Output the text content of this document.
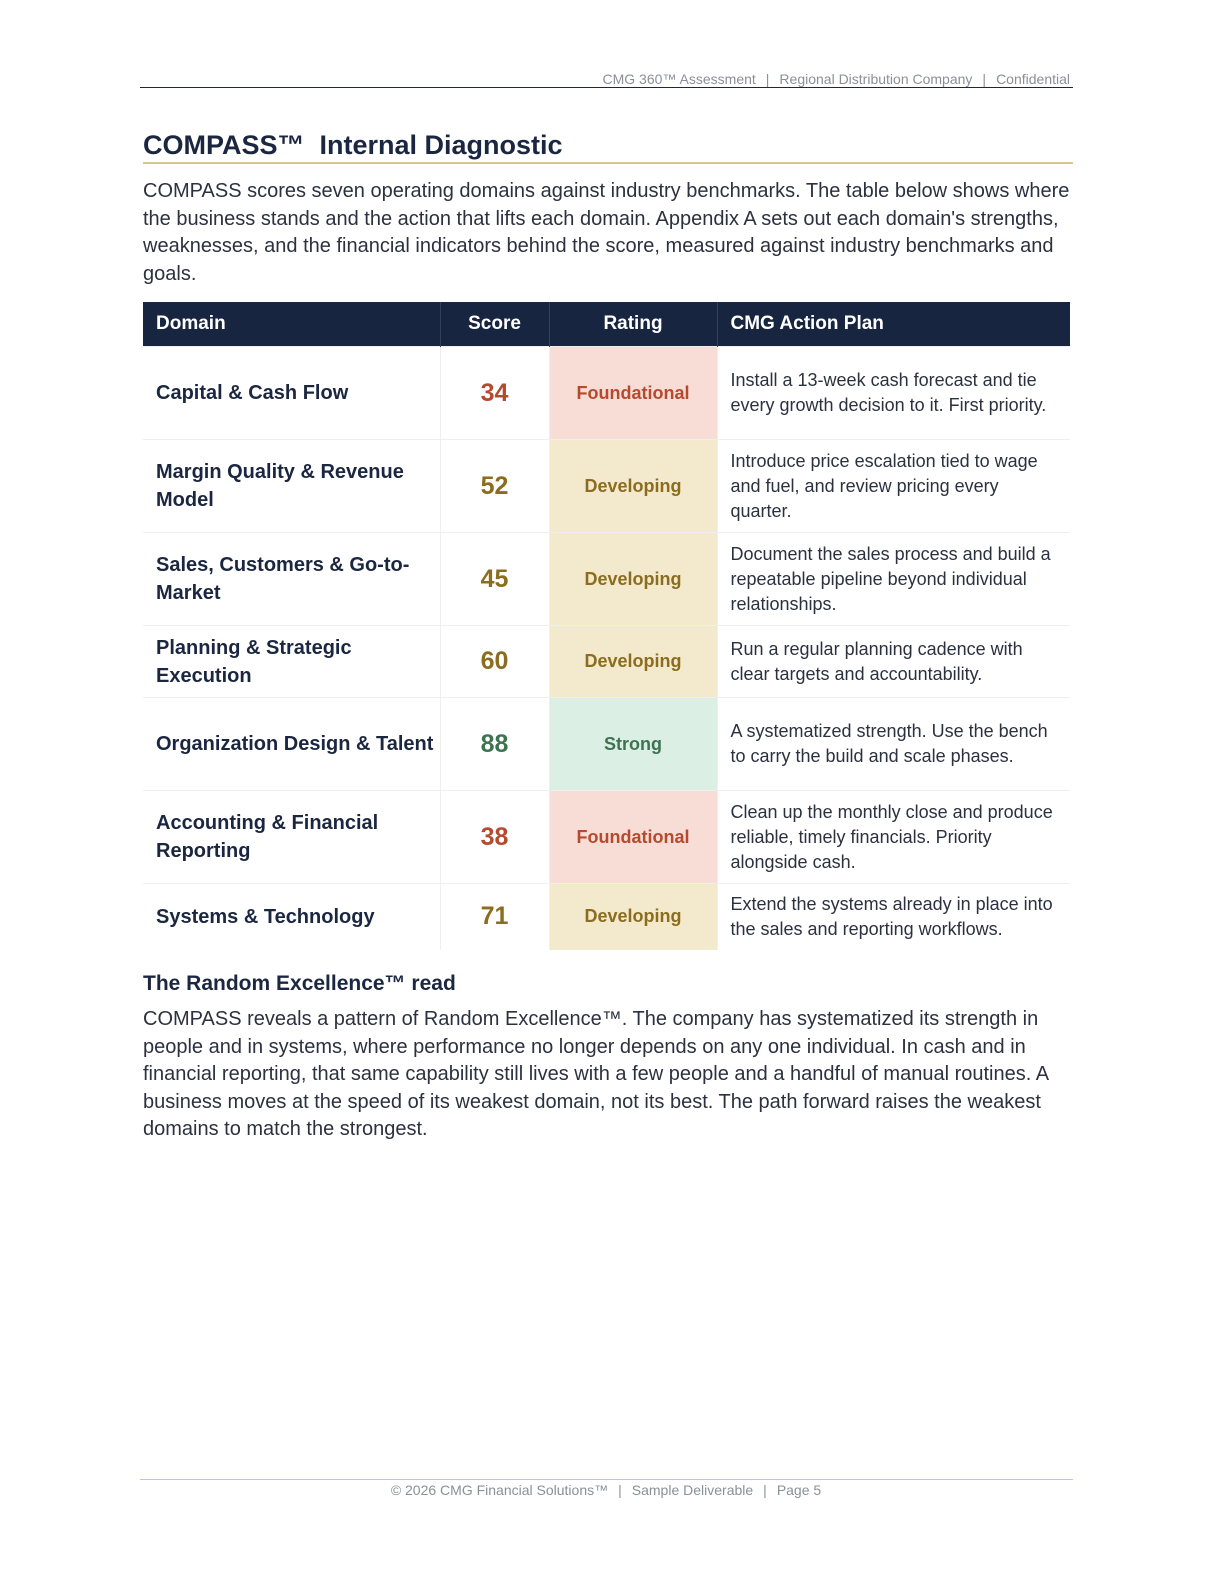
CMG 360™ Assessment | Regional Distribution Company | Confidential
COMPASS™  Internal Diagnostic

COMPASS scores seven operating domains against industry benchmarks. The table below shows where the business stands and the action that lifts each domain. Appendix A sets out each domain's strengths, weaknesses, and the financial indicators behind the score, measured against industry benchmarks and goals.

Domain	Score	Rating	CMG Action Plan
Capital & Cash Flow	34	Foundational	Install a 13-week cash forecast and tie every growth decision to it. First priority.
Margin Quality & Revenue Model	52	Developing	Introduce price escalation tied to wage and fuel, and review pricing every quarter.
Sales, Customers & Go-to-Market	45	Developing	Document the sales process and build a repeatable pipeline beyond individual relationships.
Planning & Strategic Execution	60	Developing	Run a regular planning cadence with clear targets and accountability.
Organization Design & Talent	88	Strong	A systematized strength. Use the bench to carry the build and scale phases.
Accounting & Financial Reporting	38	Foundational	Clean up the monthly close and produce reliable, timely financials. Priority alongside cash.
Systems & Technology	71	Developing	Extend the systems already in place into the sales and reporting workflows.
The Random Excellence™ read

COMPASS reveals a pattern of Random Excellence™. The company has systematized its strength in people and in systems, where performance no longer depends on any one individual. In cash and in financial reporting, that same capability still lives with a few people and a handful of manual routines. A business moves at the speed of its weakest domain, not its best. The path forward raises the weakest domains to match the strongest.

© 2026 CMG Financial Solutions™ | Sample Deliverable | Page 5
